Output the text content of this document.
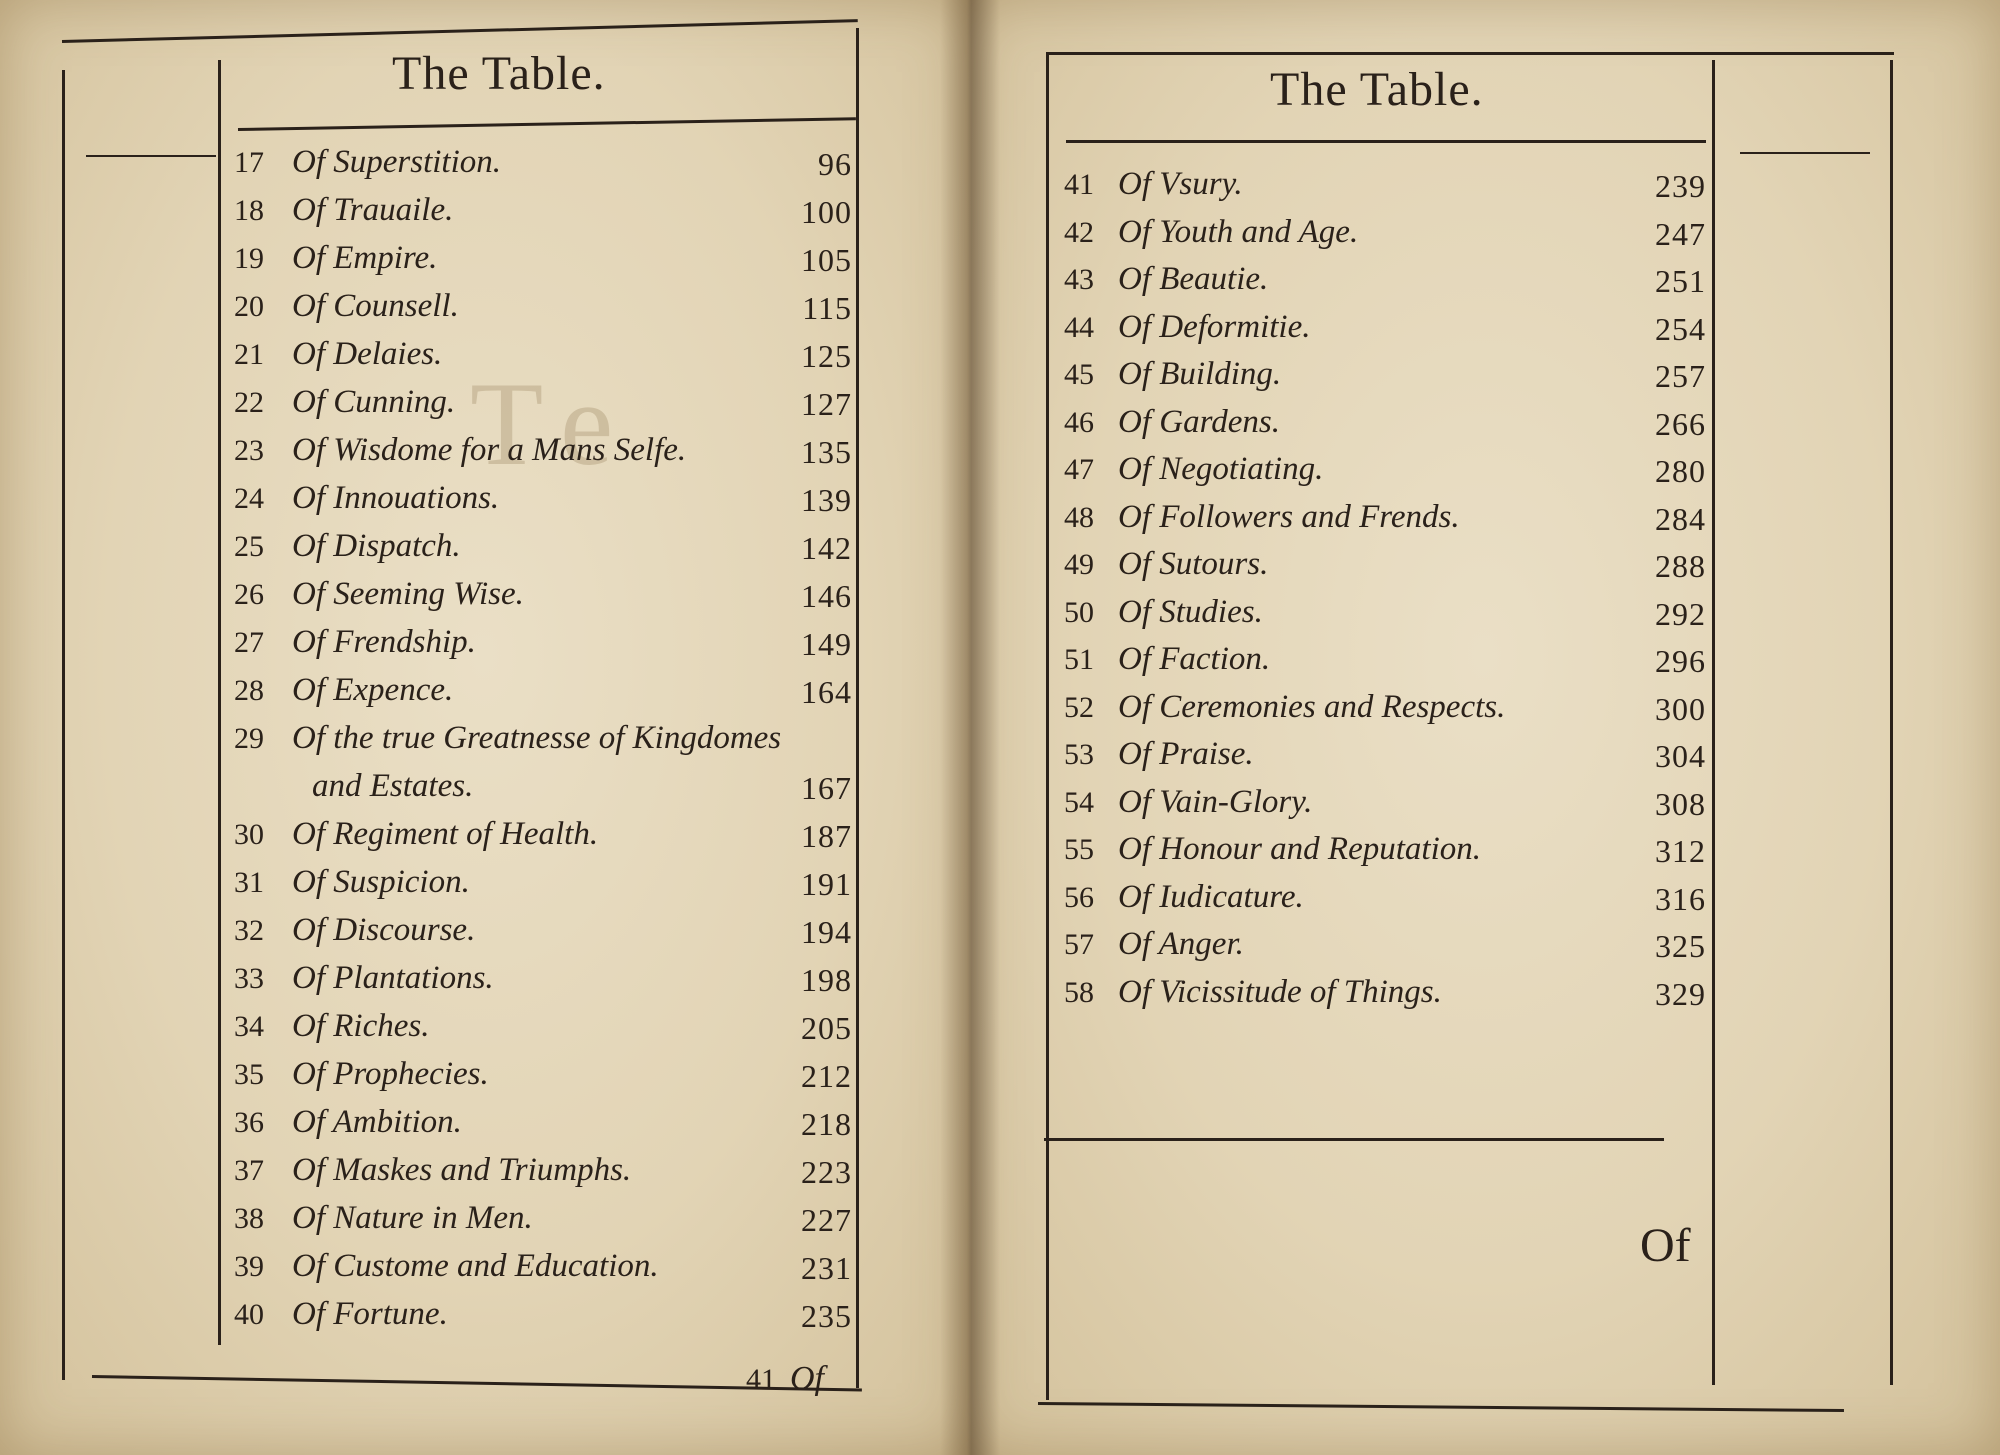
T e
The Table.
17 Of Superstition.	96
18 Of Trauaile.	100
19 Of Empire.	105
20 Of Counsell.	115
21 Of Delaies.	125
22 Of Cunning.	127
23 Of Wisdome for a Mans Selfe.	135
24 Of Innouations.	139
25 Of Dispatch.	142
26 Of Seeming Wise.	146
27 Of Frendship.	149
28 Of Expence.	164
29 Of the true Greatnesse of Kingdomes
and Estates.	167
30 Of Regiment of Health.	187
31 Of Suspicion.	191
32 Of Discourse.	194
33 Of Plantations.	198
34 Of Riches.	205
35 Of Prophecies.	212
36 Of Ambition.	218
37 Of Maskes and Triumphs.	223
38 Of Nature in Men.	227
39 Of Custome and Education.	231
40 Of Fortune.	235
41 Of
The Table.
41 Of Vsury.	239
42 Of Youth and Age.	247
43 Of Beautie.	251
44 Of Deformitie.	254
45 Of Building.	257
46 Of Gardens.	266
47 Of Negotiating.	280
48 Of Followers and Frends.	284
49 Of Sutours.	288
50 Of Studies.	292
51 Of Faction.	296
52 Of Ceremonies and Respects.	300
53 Of Praise.	304
54 Of Vain-Glory.	308
55 Of Honour and Reputation.	312
56 Of Iudicature.	316
57 Of Anger.	325
58 Of Vicissitude of Things.	329
Of
